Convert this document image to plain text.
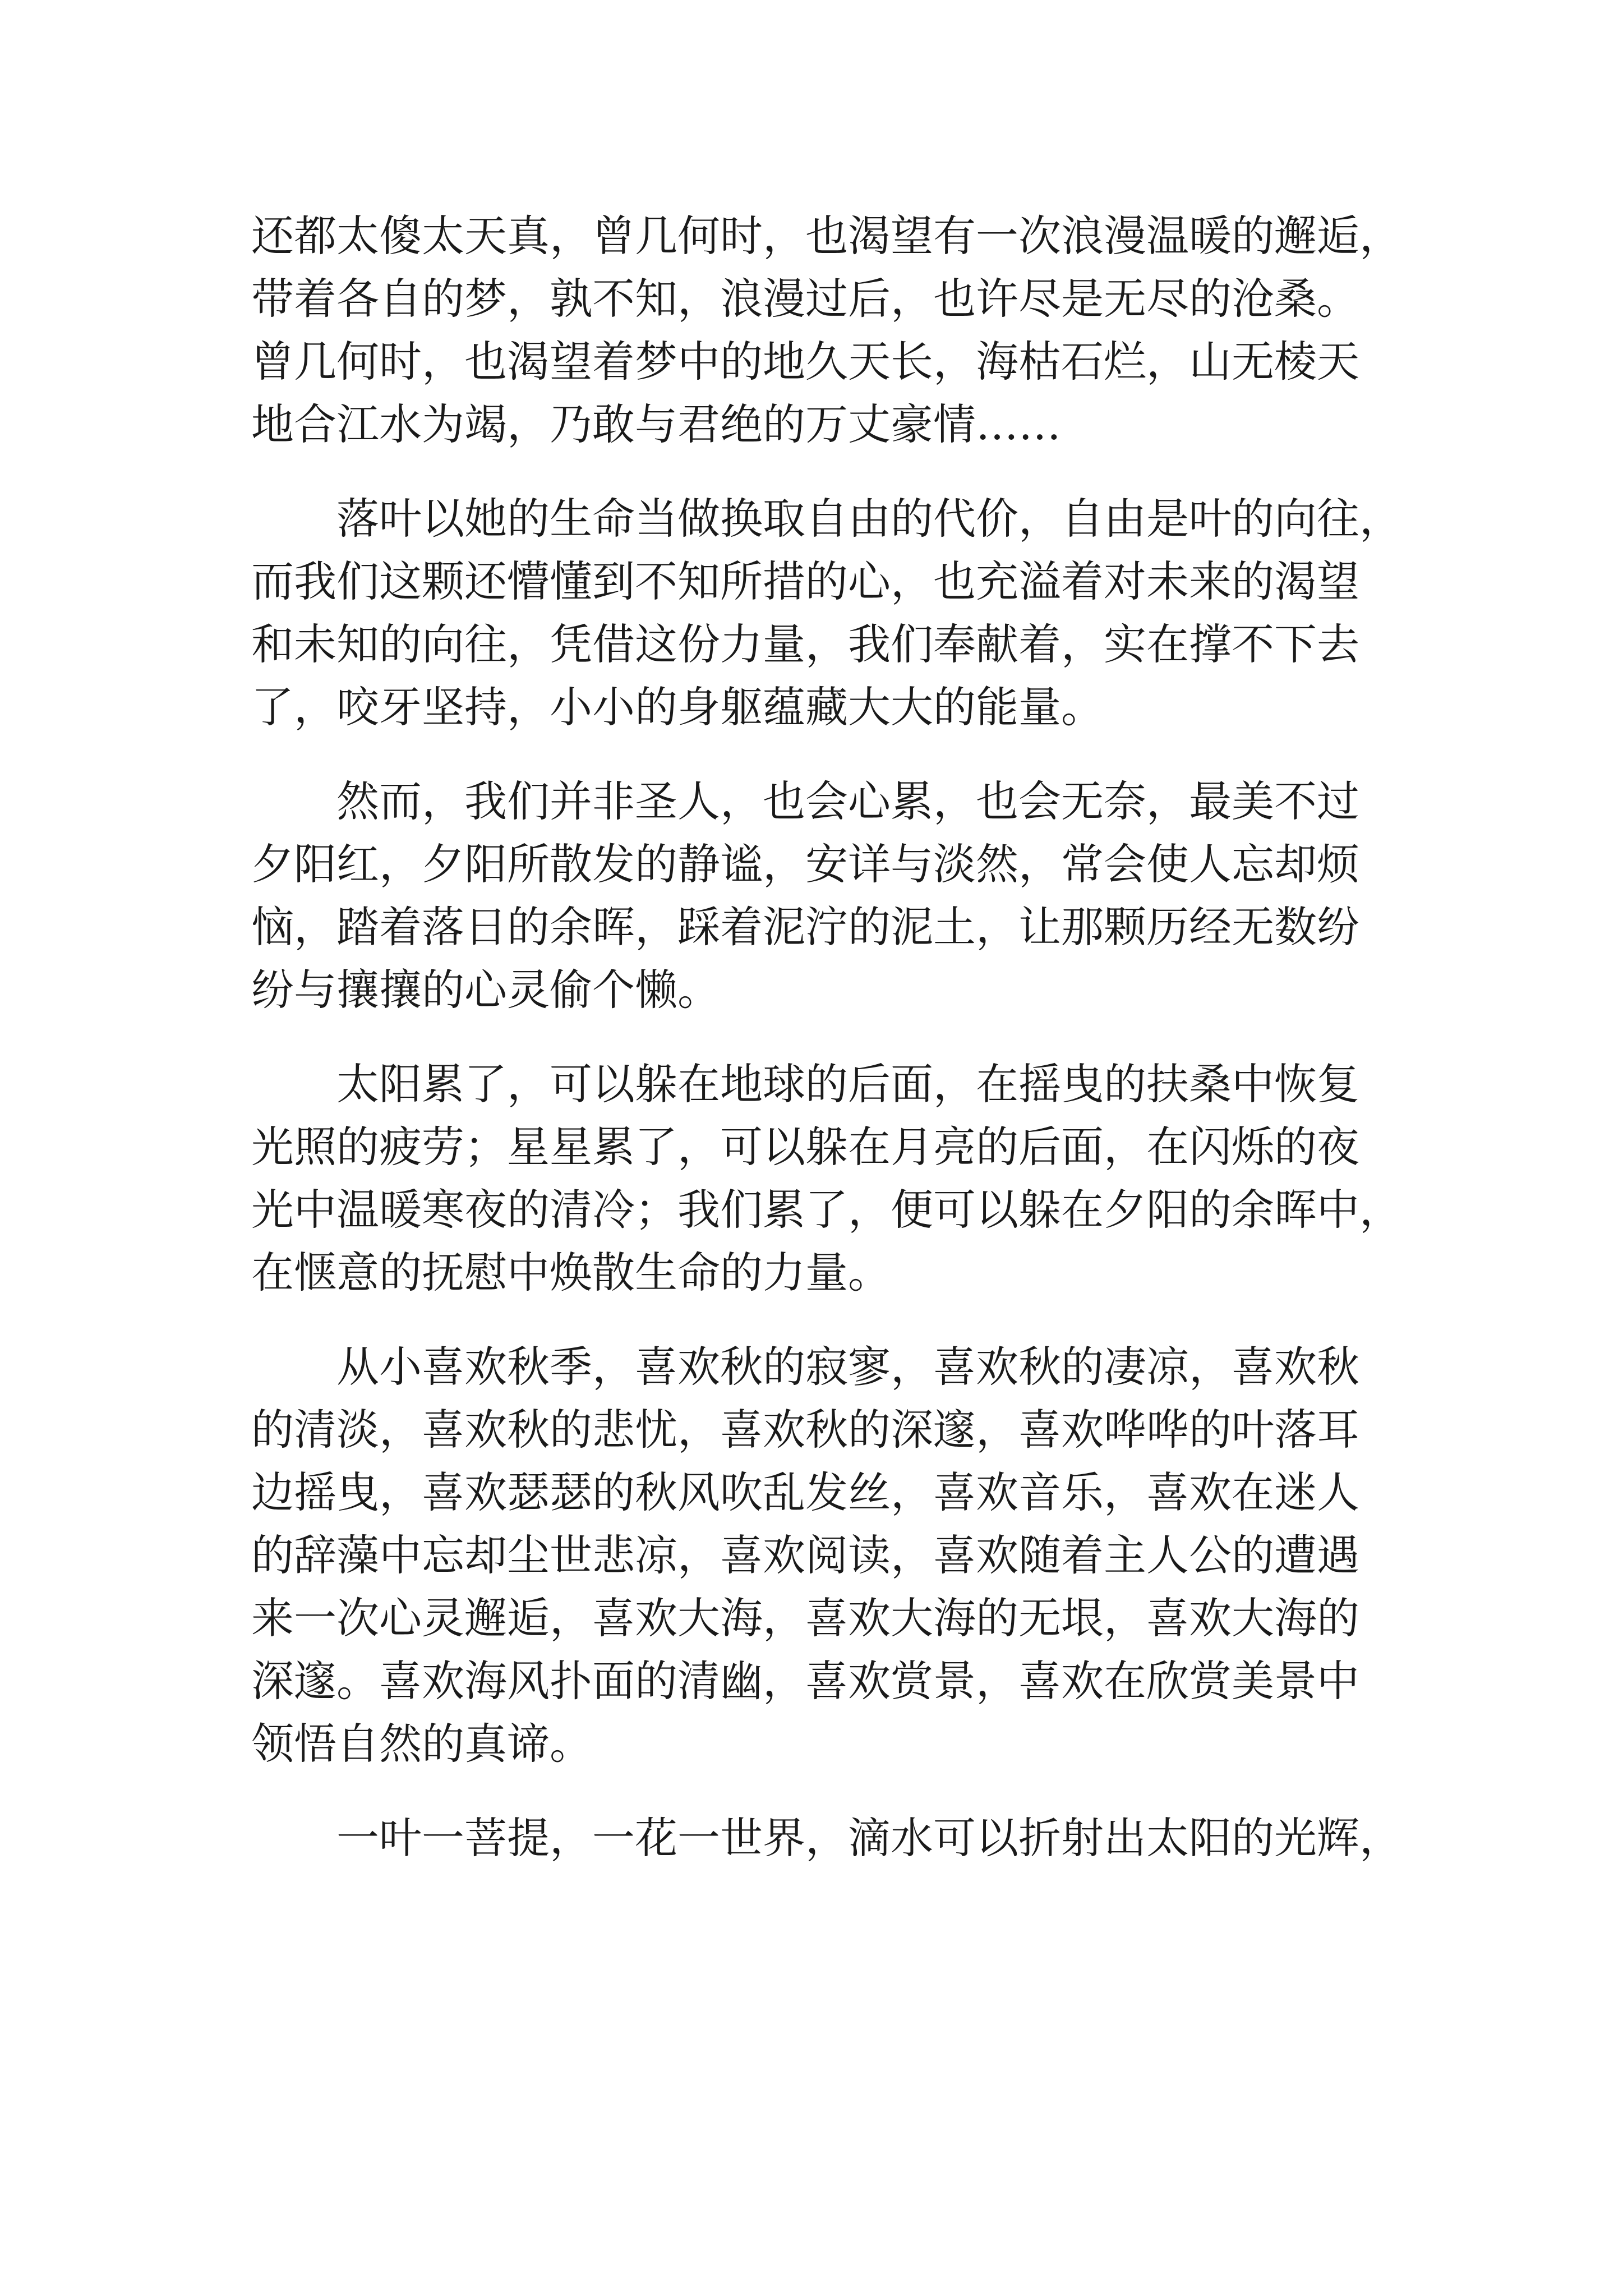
还都太傻太天真，曾几何时，也渴望有一次浪漫温暖的邂逅，
带着各自的梦，孰不知，浪漫过后，也许尽是无尽的沧桑。
曾几何时，也渴望着梦中的地久天长，海枯石烂，山无棱天
地合江水为竭，乃敢与君绝的万丈豪情……
落叶以她的生命当做换取自由的代价，自由是叶的向往，
而我们这颗还懵懂到不知所措的心，也充溢着对未来的渴望
和未知的向往，凭借这份力量，我们奉献着，实在撑不下去
了，咬牙坚持，小小的身躯蕴藏大大的能量。
然而，我们并非圣人，也会心累，也会无奈，最美不过
夕阳红，夕阳所散发的静谧，安详与淡然，常会使人忘却烦
恼，踏着落日的余晖，踩着泥泞的泥土，让那颗历经无数纷
纷与攘攘的心灵偷个懒。
太阳累了，可以躲在地球的后面，在摇曳的扶桑中恢复
光照的疲劳；星星累了，可以躲在月亮的后面，在闪烁的夜
光中温暖寒夜的清冷；我们累了，便可以躲在夕阳的余晖中，
在惬意的抚慰中焕散生命的力量。
从小喜欢秋季，喜欢秋的寂寥，喜欢秋的凄凉，喜欢秋
的清淡，喜欢秋的悲忧，喜欢秋的深邃，喜欢哗哗的叶落耳
边摇曳，喜欢瑟瑟的秋风吹乱发丝，喜欢音乐，喜欢在迷人
的辞藻中忘却尘世悲凉，喜欢阅读，喜欢随着主人公的遭遇
来一次心灵邂逅，喜欢大海，喜欢大海的无垠，喜欢大海的
深邃。喜欢海风扑面的清幽，喜欢赏景，喜欢在欣赏美景中
领悟自然的真谛。
一叶一菩提，一花一世界，滴水可以折射出太阳的光辉，
